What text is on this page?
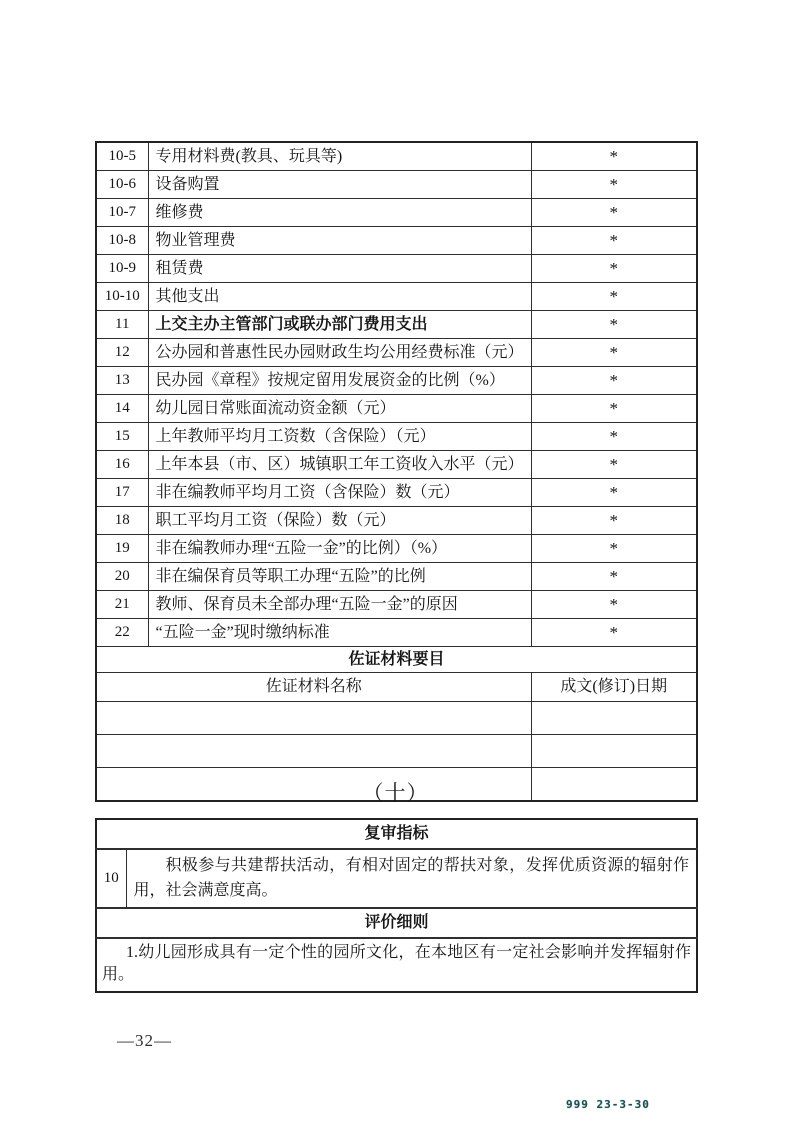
10-5	专用材料费(教具、玩具等)	*
10-6	设备购置	*
10-7	维修费	*
10-8	物业管理费	*
10-9	租赁费	*
10-10	其他支出	*
11	上交主办主管部门或联办部门费用支出	*
12	公办园和普惠性民办园财政生均公用经费标准（元）	*
13	民办园《章程》按规定留用发展资金的比例（%）	*
14	幼儿园日常账面流动资金额（元）	*
15	上年教师平均月工资数（含保险）（元）	*
16	上年本县（市、区）城镇职工年工资收入水平（元）	*
17	非在编教师平均月工资（含保险）数（元）	*
18	职工平均月工资（保险）数（元）	*
19	非在编教师办理“五险一金”的比例）（%）	*
20	非在编保育员等职工办理“五险”的比例	*
21	教师、保育员未全部办理“五险一金”的原因	*
22	“五险一金”现时缴纳标准	*
佐证材料要目		
佐证材料名称		成文(修订)日期

（十）
复审指标
10	

积极参与共建帮扶活动，有相对固定的帮扶对象，发挥优质资源的辐射作用，社会满意度高。

评价细则

1.幼儿园形成具有一定个性的园所文化，在本地区有一定社会影响并发挥辐射作用。

—32—
999 23-3-30
